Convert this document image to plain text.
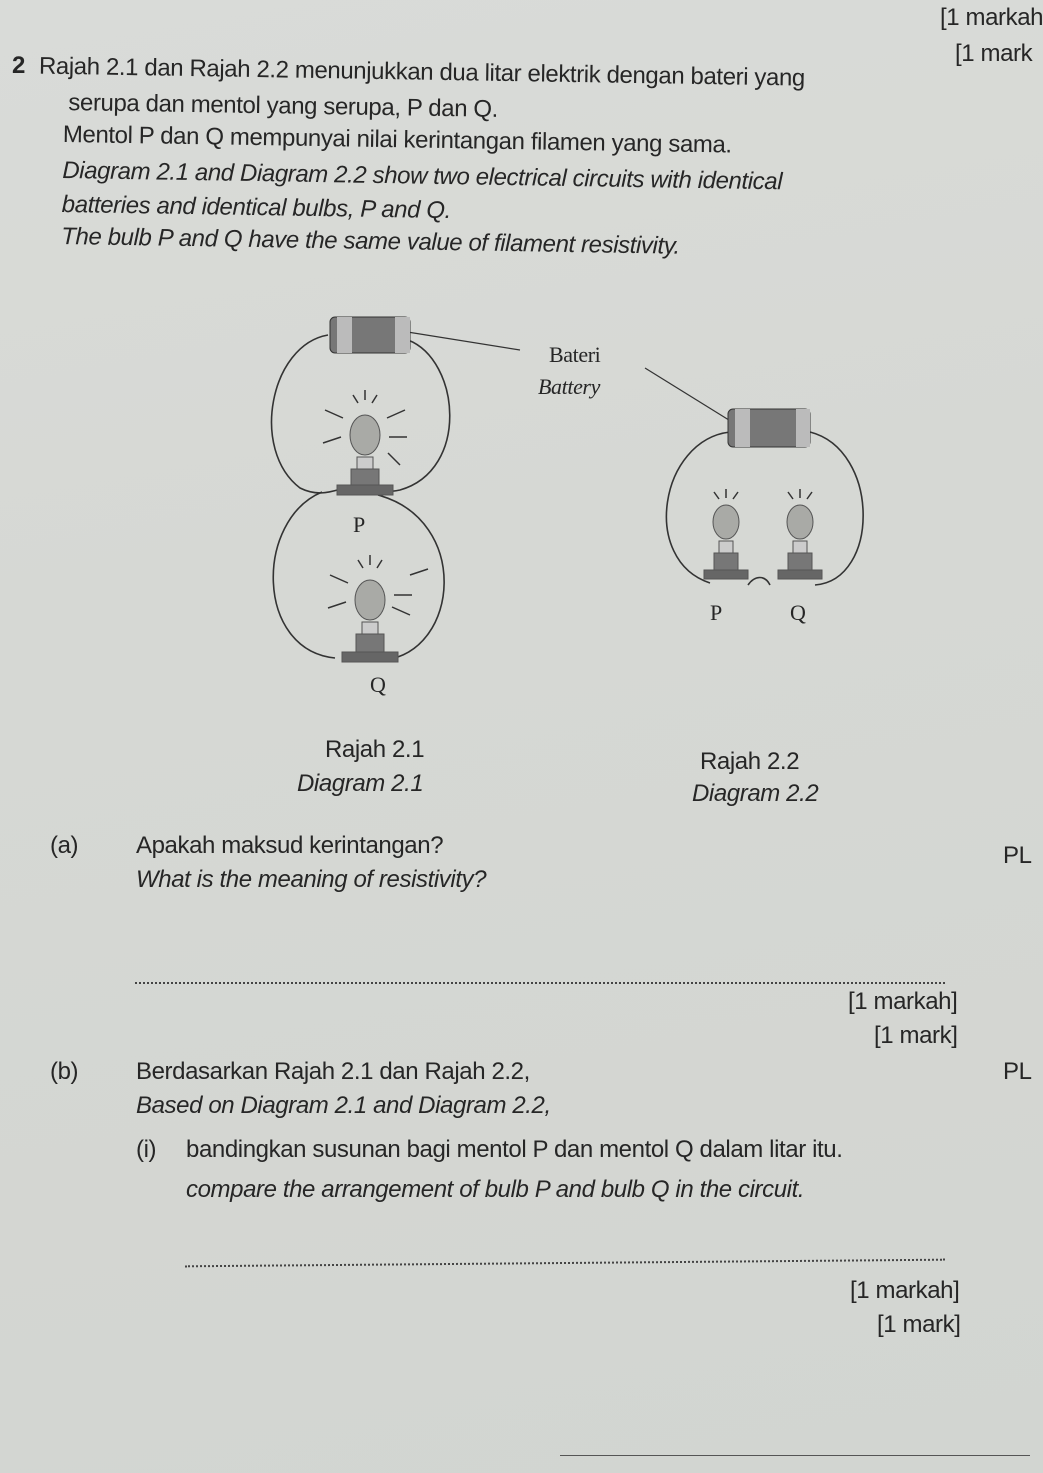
[1 markah
[1 mark
2 Rajah 2.1 dan Rajah 2.2 menunjukkan dua litar elektrik dengan bateri yang
serupa dan mentol yang serupa, P dan Q.
Mentol P dan Q mempunyai nilai kerintangan filamen yang sama.
Diagram 2.1 and Diagram 2.2 show two electrical circuits with identical
batteries and identical bulbs, P and Q.
The bulb P and Q have the same value of filament resistivity.
Bateri
Battery
P
Q
P	Q
Rajah 2.1
Diagram 2.1
Rajah 2.2
Diagram 2.2
(a) Apakah maksud kerintangan?
What is the meaning of resistivity?
PL
[1 markah]
[1 mark]
(b) Berdasarkan Rajah 2.1 dan Rajah 2.2,
Based on Diagram 2.1 and Diagram 2.2,
PL
(i) bandingkan susunan bagi mentol P dan mentol Q dalam litar itu.
compare the arrangement of bulb P and bulb Q in the circuit.
[1 markah]
[1 mark]
